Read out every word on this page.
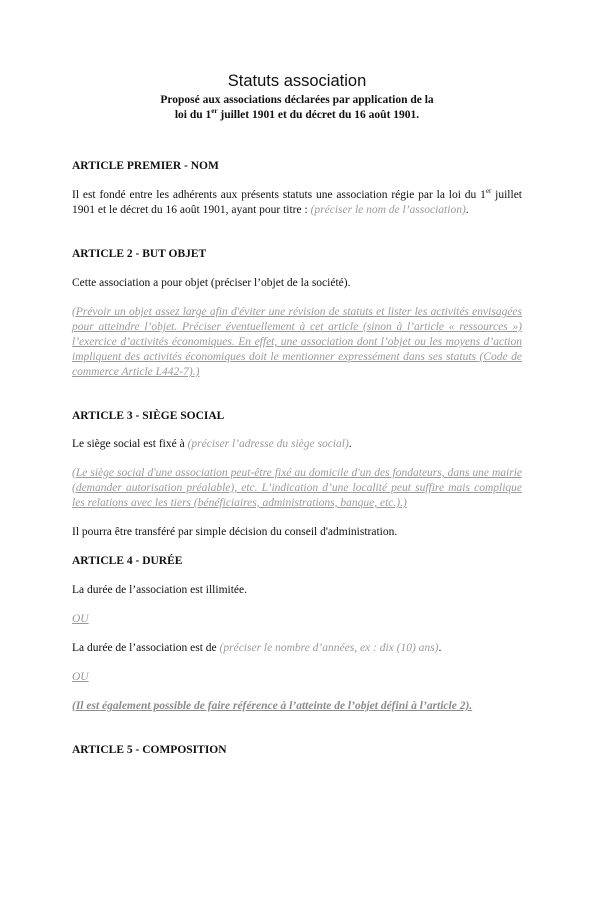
Statuts association
Proposé aux associations déclarées par application de la
loi du 1er juillet 1901 et du décret du 16 août 1901.
ARTICLE PREMIER - NOM

Il est fondé entre les adhérents aux présents statuts une association régie par la loi du 1er juillet 1901 et le décret du 16 août 1901, ayant pour titre : (préciser le nom de l’association).

ARTICLE 2 - BUT OBJET

Cette association a pour objet (préciser l’objet de la société).

(Prévoir un objet assez large afin d'éviter une révision de statuts et lister les activités envisagées pour atteindre l’objet. Préciser éventuellement à cet article (sinon à l’article « ressources ») l’exercice d’activités économiques. En effet, une association dont l’objet ou les moyens d’action impliquent des activités économiques doit le mentionner expressément dans ses statuts (Code de commerce Article L442-7).)

ARTICLE 3 - SIÈGE SOCIAL

Le siège social est fixé à (préciser l’adresse du siège social).

(Le siège social d'une association peut-être fixé au domicile d'un des fondateurs, dans une mairie (demander autorisation préalable), etc. L’indication d’une localité peut suffire mais complique les relations avec les tiers (bénéficiaires, administrations, banque, etc.).)

Il pourra être transféré par simple décision du conseil d'administration.

ARTICLE 4 - DURÉE

La durée de l’association est illimitée.

OU

La durée de l’association est de (préciser le nombre d’années, ex : dix (10) ans).

OU

(Il est également possible de faire référence à l’atteinte de l’objet défini à l’article 2).

ARTICLE 5 - COMPOSITION
